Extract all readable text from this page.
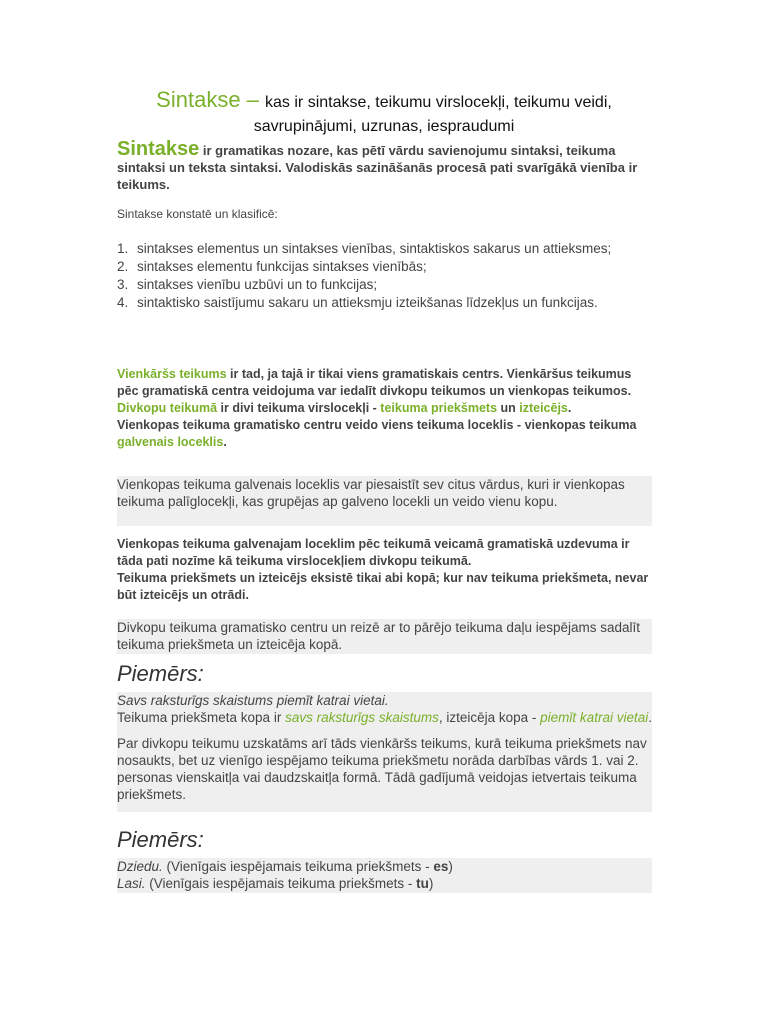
Sintakse – kas ir sintakse, teikumu virslocekļi, teikumu veidi,
savrupinājumi, uzrunas, iespraudumi
Sintakse ir gramatikas nozare, kas pētī vārdu savienojumu sintaksi, teikuma sintaksi un teksta sintaksi. Valodiskās sazināšanās procesā pati svarīgākā vienība ir teikums.
Sintakse konstatē un klasificē:
1. sintakses elementus un sintakses vienības, sintaktiskos sakarus un attieksmes;
2. sintakses elementu funkcijas sintakses vienībās;
3. sintakses vienību uzbūvi un to funkcijas;
4. sintaktisko saistījumu sakaru un attieksmju izteikšanas līdzekļus un funkcijas.
Vienkāršs teikums ir tad, ja tajā ir tikai viens gramatiskais centrs. Vienkāršus teikumus pēc gramatiskā centra veidojuma var iedalīt divkopu teikumos un vienkopas teikumos.
Divkopu teikumā ir divi teikuma virslocekļi - teikuma priekšmets un izteicējs.
Vienkopas teikuma gramatisko centru veido viens teikuma loceklis - vienkopas teikuma galvenais loceklis.
Vienkopas teikuma galvenais loceklis var piesaistīt sev citus vārdus, kuri ir vienkopas teikuma palīglocekļi, kas grupējas ap galveno locekli un veido vienu kopu.
Vienkopas teikuma galvenajam loceklim pēc teikumā veicamā gramatiskā uzdevuma ir tāda pati nozīme kā teikuma virslocekļiem divkopu teikumā.
Teikuma priekšmets un izteicējs eksistē tikai abi kopā; kur nav teikuma priekšmeta, nevar būt izteicējs un otrādi.
Divkopu teikuma gramatisko centru un reizē ar to pārējo teikuma daļu iespējams sadalīt teikuma priekšmeta un izteicēja kopā.
Piemērs:
Savs raksturīgs skaistums piemīt katrai vietai.
Teikuma priekšmeta kopa ir savs raksturīgs skaistums, izteicēja kopa - piemīt katrai vietai.
Par divkopu teikumu uzskatāms arī tāds vienkāršs teikums, kurā teikuma priekšmets nav nosaukts, bet uz vienīgo iespējamo teikuma priekšmetu norāda darbības vārds 1. vai 2. personas vienskaitļa vai daudzskaitļa formā. Tādā gadījumā veidojas ietvertais teikuma priekšmets.
Piemērs:
Dziedu. (Vienīgais iespējamais teikuma priekšmets - es)
Lasi. (Vienīgais iespējamais teikuma priekšmets - tu)
